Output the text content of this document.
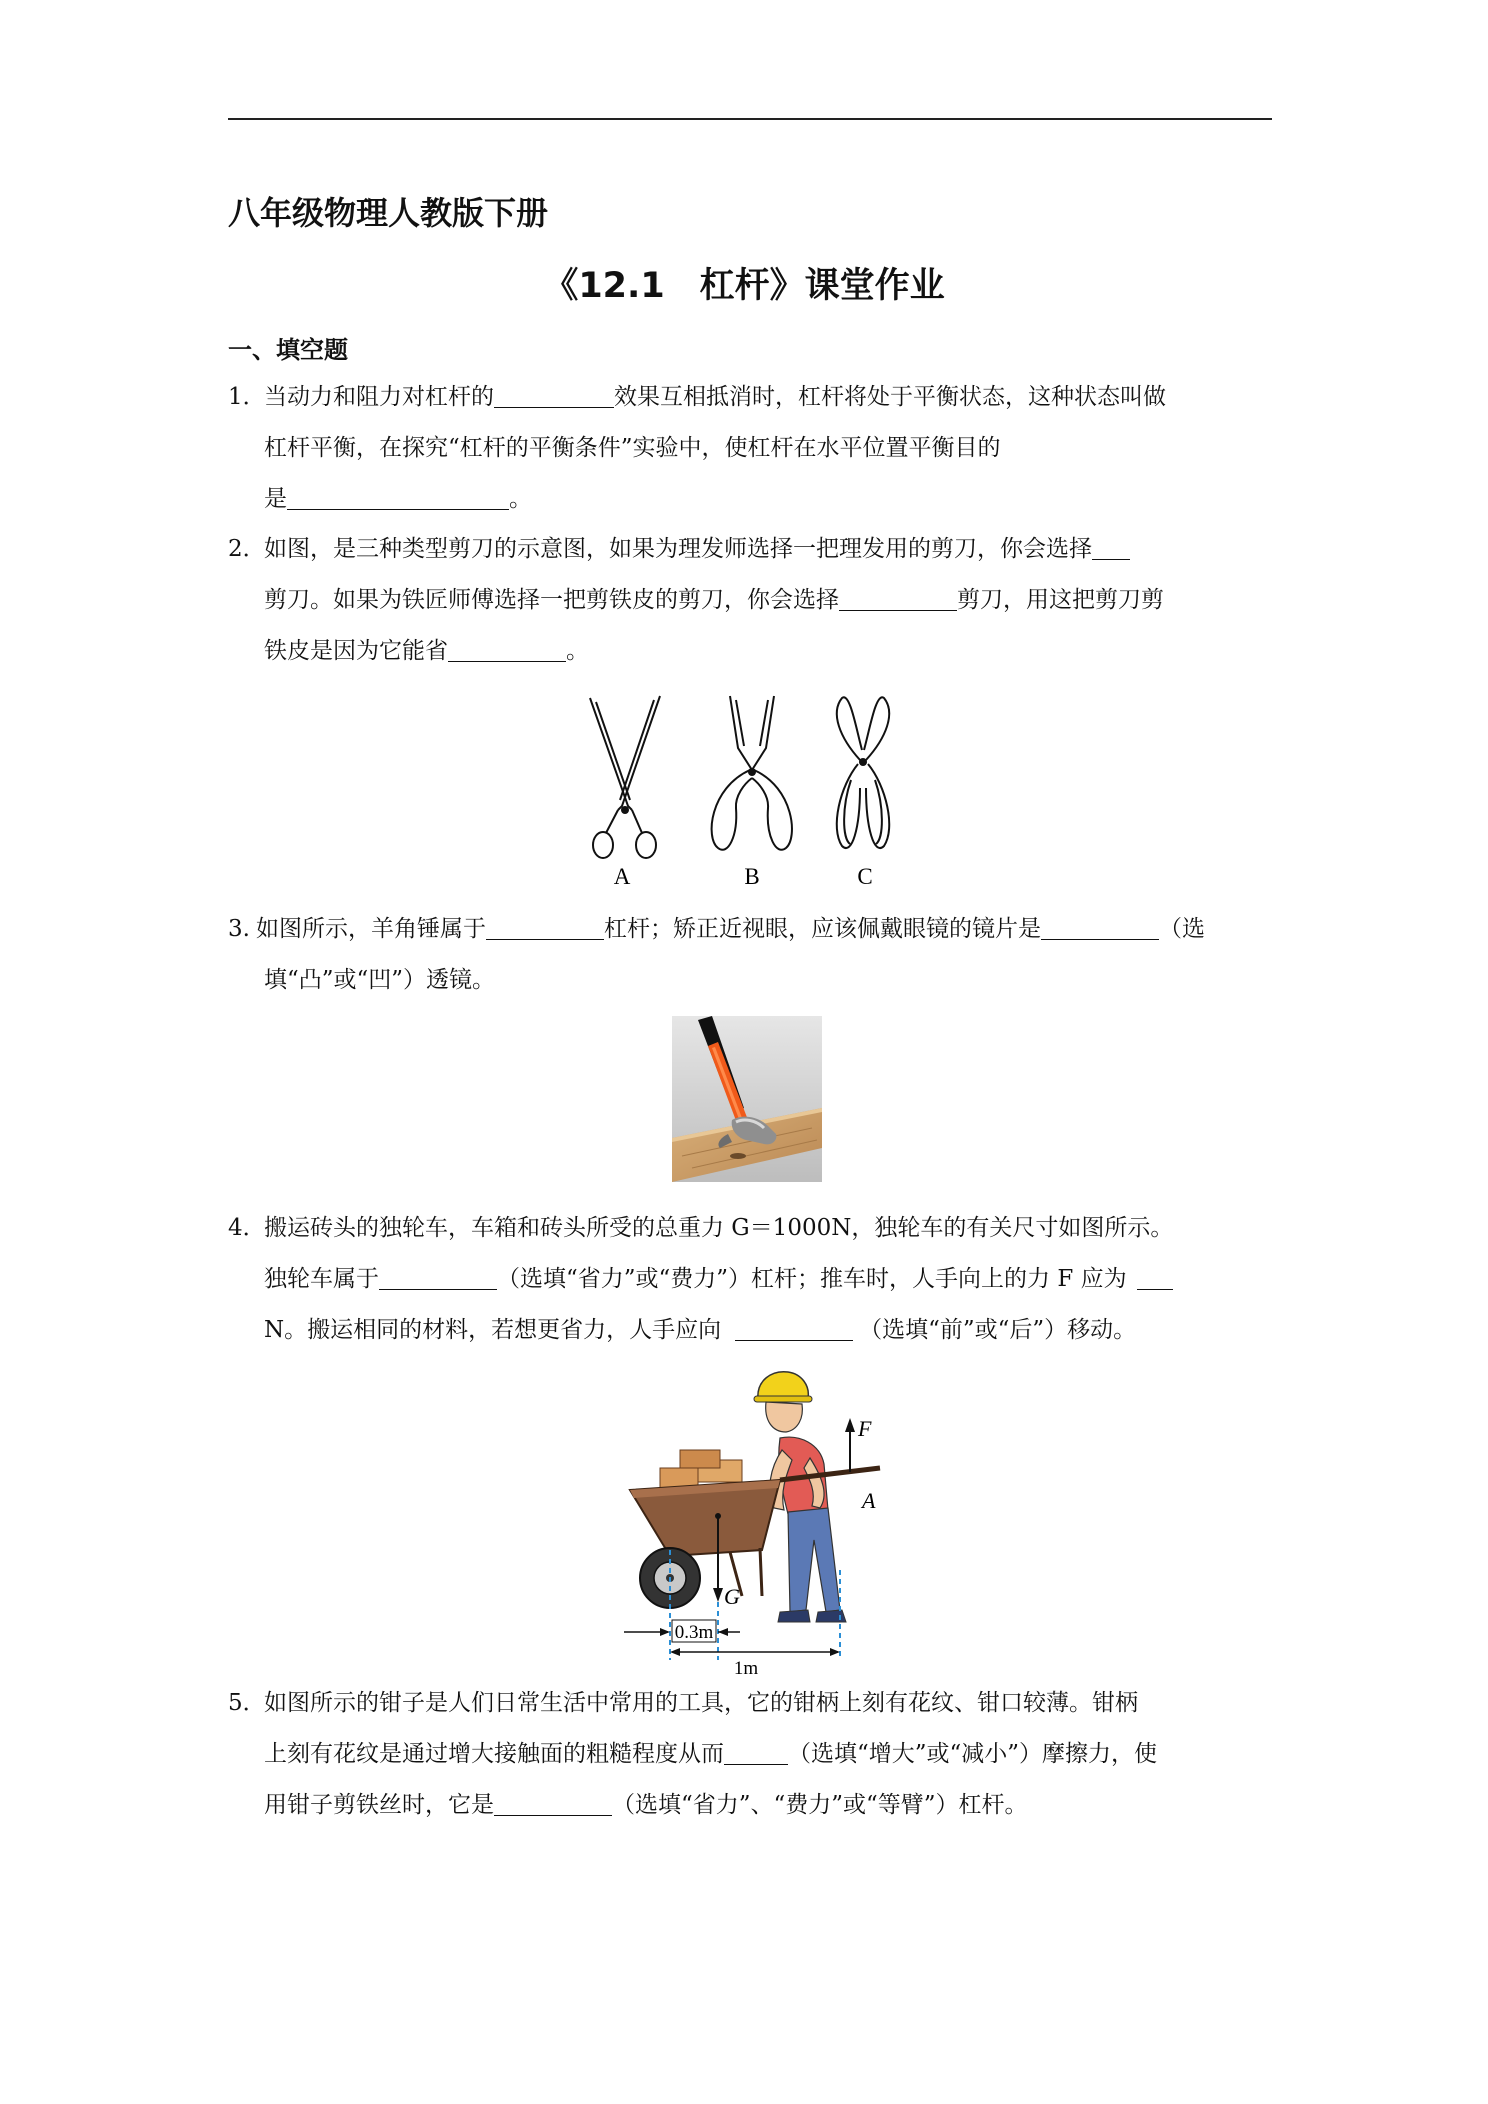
八年级物理人教版下册
《12.1　杠杆》课堂作业
一、填空题

1．当动力和阻力对杠杆的	效果互相抵消时，杠杆将处于平衡状态，这种状态叫做

杠杆平衡，在探究“杠杆的平衡条件”实验中，使杠杆在水平位置平衡目的

是	。

2．如图，是三种类型剪刀的示意图，如果为理发师选择一把理发用的剪刀，你会选择

剪刀。如果为铁匠师傅选择一把剪铁皮的剪刀，你会选择	剪刀，用这把剪刀剪

铁皮是因为它能省	。

A	B	C

3. 如图所示，羊角锤属于	杠杆；矫正近视眼，应该佩戴眼镜的镜片是	（选

填“凸”或“凹”）透镜。

4．搬运砖头的独轮车，车箱和砖头所受的总重力 G＝1000N，独轮车的有关尺寸如图所示。

独轮车属于	（选填“省力”或“费力”）杠杆；推车时，人手向上的力 F 应为

N。搬运相同的材料，若想更省力，人手应向	（选填“前”或“后”）移动。

F
A
G
0.3m
1m

5．如图所示的钳子是人们日常生活中常用的工具，它的钳柄上刻有花纹、钳口较薄。钳柄

上刻有花纹是通过增大接触面的粗糙程度从而	（选填“增大”或“减小”）摩擦力，使

用钳子剪铁丝时，它是	（选填“省力”、“费力”或“等臂”）杠杆。
